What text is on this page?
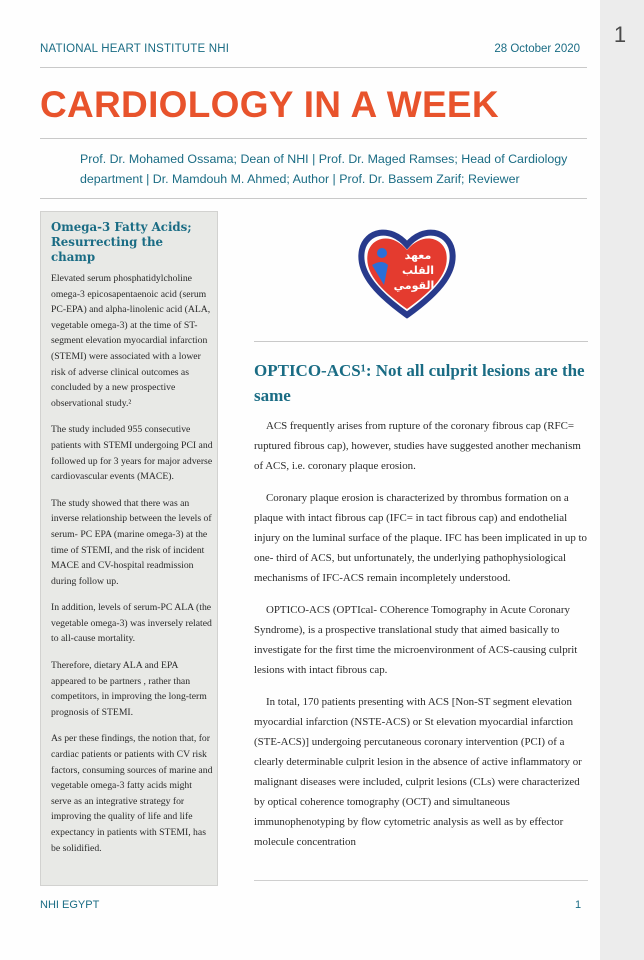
NATIONAL HEART INSTITUTE NHI	28 October 2020
CARDIOLOGY IN A WEEK
Prof. Dr. Mohamed Ossama; Dean of NHI | Prof. Dr. Maged Ramses; Head of Cardiology department | Dr. Mamdouh M. Ahmed; Author | Prof. Dr. Bassem Zarif; Reviewer
Omega-3 Fatty Acids; Resurrecting the champ

Elevated serum phosphatidylcholine omega-3 epicosapentaenoic acid (serum PC-EPA) and alpha-linolenic acid (ALA, vegetable omega-3) at the time of ST- segment elevation myocardial infarction (STEMI) were associated with a lower risk of adverse clinical outcomes as concluded by a new prospective observational study.²

The study included 955 consecutive patients with STEMI undergoing PCI and followed up for 3 years for major adverse cardiovascular events (MACE).

The study showed that there was an inverse relationship between the levels of serum- PC EPA (marine omega-3) at the time of STEMI, and the risk of incident MACE and CV-hospital readmission during follow up.

In addition, levels of serum-PC ALA (the vegetable omega-3) was inversely related to all-cause mortality.

Therefore, dietary ALA and EPA appeared to be partners , rather than competitors, in improving the long-term prognosis of STEMI.

As per these findings, the notion that, for cardiac patients or patients with CV risk factors, consuming sources of marine and vegetable omega-3 fatty acids might serve as an integrative strategy for improving the quality of life and life expectancy in patients with STEMI, has be solidified.

معهد
القلب
القومي
OPTICO-ACS¹: Not all culprit lesions are the same

ACS frequently arises from rupture of the coronary fibrous cap (RFC= ruptured fibrous cap), however, studies have suggested another mechanism of ACS, i.e. coronary plaque erosion.

Coronary plaque erosion is characterized by thrombus formation on a plaque with intact fibrous cap (IFC= in tact fibrous cap) and endothelial injury on the luminal surface of the plaque. IFC has been implicated in up to one- third of ACS, but unfortunately, the underlying pathophysiological mechanisms of IFC-ACS remain incompletely understood.

OPTICO-ACS (OPTIcal- COherence Tomography in Acute Coronary Syndrome), is a prospective translational study that aimed basically to investigate for the first time the microenvironment of ACS-causing culprit lesions with intact fibrous cap.

In total, 170 patients presenting with ACS [Non-ST segment elevation myocardial infarction (NSTE-ACS) or St elevation myocardial infarction (STE-ACS)] undergoing percutaneous coronary intervention (PCI) of a clearly determinable culprit lesion in the absence of active inflammatory or malignant diseases were included, culprit lesions (CLs) were characterized by optical coherence tomography (OCT) and simultaneous immunophenotyping by flow cytometric analysis as well as by effector molecule concentration

NHI EGYPT	1
1
